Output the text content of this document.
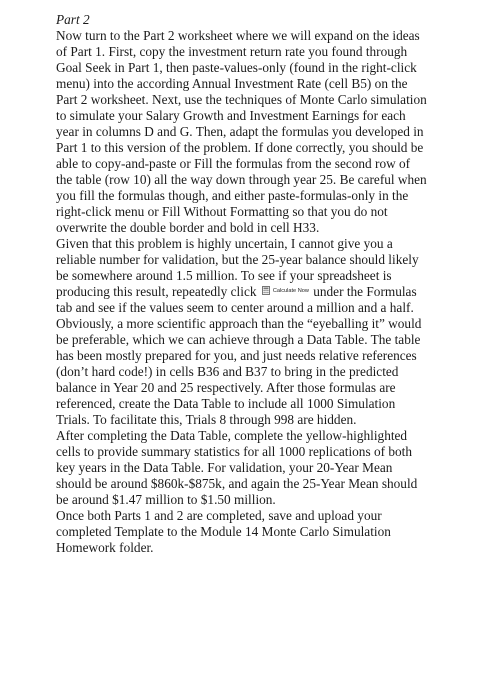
Part 2

Now turn to the Part 2 worksheet where we will expand on the ideas of Part 1. First, copy the investment return rate you found through Goal Seek in Part 1, then paste-values-only (found in the right-click menu) into the according Annual Investment Rate (cell B5) on the Part 2 worksheet. Next, use the techniques of Monte Carlo simulation to simulate your Salary Growth and Investment Earnings for each year in columns D and G. Then, adapt the formulas you developed in Part 1 to this version of the problem. If done correctly, you should be able to copy-and-paste or Fill the formulas from the second row of the table (row 10) all the way down through year 25. Be careful when you fill the formulas though, and either paste-formulas-only in the right-click menu or Fill Without Formatting so that you do not overwrite the double border and bold in cell H33.

Given that this problem is highly uncertain, I cannot give you a reliable number for validation, but the 25-year balance should likely be somewhere around 1.5 million. To see if your spreadsheet is producing this result, repeatedly click Calculate Now under the Formulas tab and see if the values seem to center around a million and a half.

Obviously, a more scientific approach than the “eyeballing it” would be preferable, which we can achieve through a Data Table. The table has been mostly prepared for you, and just needs relative references (don’t hard code!) in cells B36 and B37 to bring in the predicted balance in Year 20 and 25 respectively. After those formulas are referenced, create the Data Table to include all 1000 Simulation Trials. To facilitate this, Trials 8 through 998 are hidden.

After completing the Data Table, complete the yellow-highlighted cells to provide summary statistics for all 1000 replications of both key years in the Data Table. For validation, your 20-Year Mean should be around $860k-$875k, and again the 25-Year Mean should be around $1.47 million to $1.50 million.

Once both Parts 1 and 2 are completed, save and upload your completed Template to the Module 14 Monte Carlo Simulation Homework folder.
